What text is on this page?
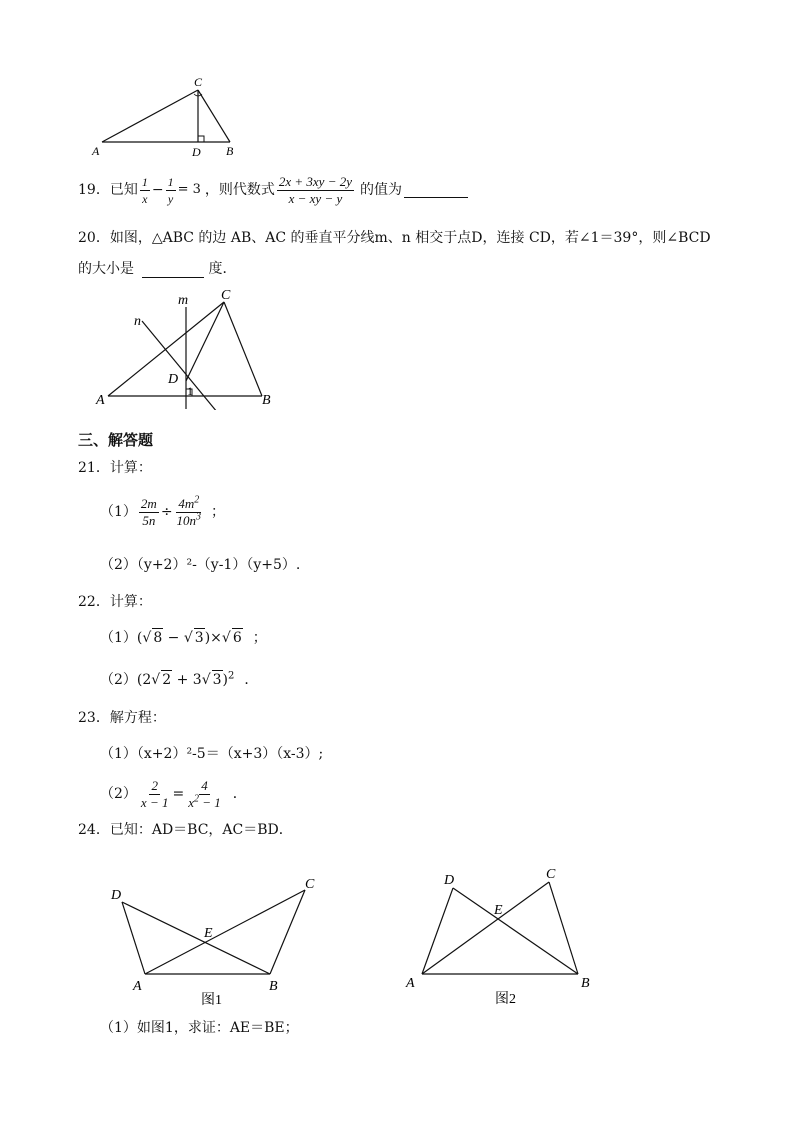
C
A	D B
19． 已知 $\frac{1}{x} - \frac{1}{y} = 3$ ，则代数式 $\frac{2x + 3xy - 2y}{x - xy - y}$ 的值为
20．如图，△ABC 的边 AB、AC 的垂直平分线m、n 相交于点D，连接 CD，若∠1＝39°，则∠BCD
的大小是	度．
m C
n
D
1
A	B
三、解答题
21．计算：
$(1) \frac{2m}{5n} \div \frac{4m^2}{10n^3}$ ；
（2）（y+2）²-（y-1）（y+5）.
22．计算：
（1）(√ 8 − √ 3)×√ 6 ；
（2）(2√ 2 + 3√ 3)$^2$ ．
23．解方程：
（1）（x+2）²-5＝（x+3）（x-3）;
$(2) \frac{2}{x - 1} = \frac{4}{x^2 - 1}$ ．
24．已知：AD＝BC，AC＝BD．
D
C
E
A	B
图1
D	C
E
A	B
图2
（1）如图1，求证：AE＝BE；
